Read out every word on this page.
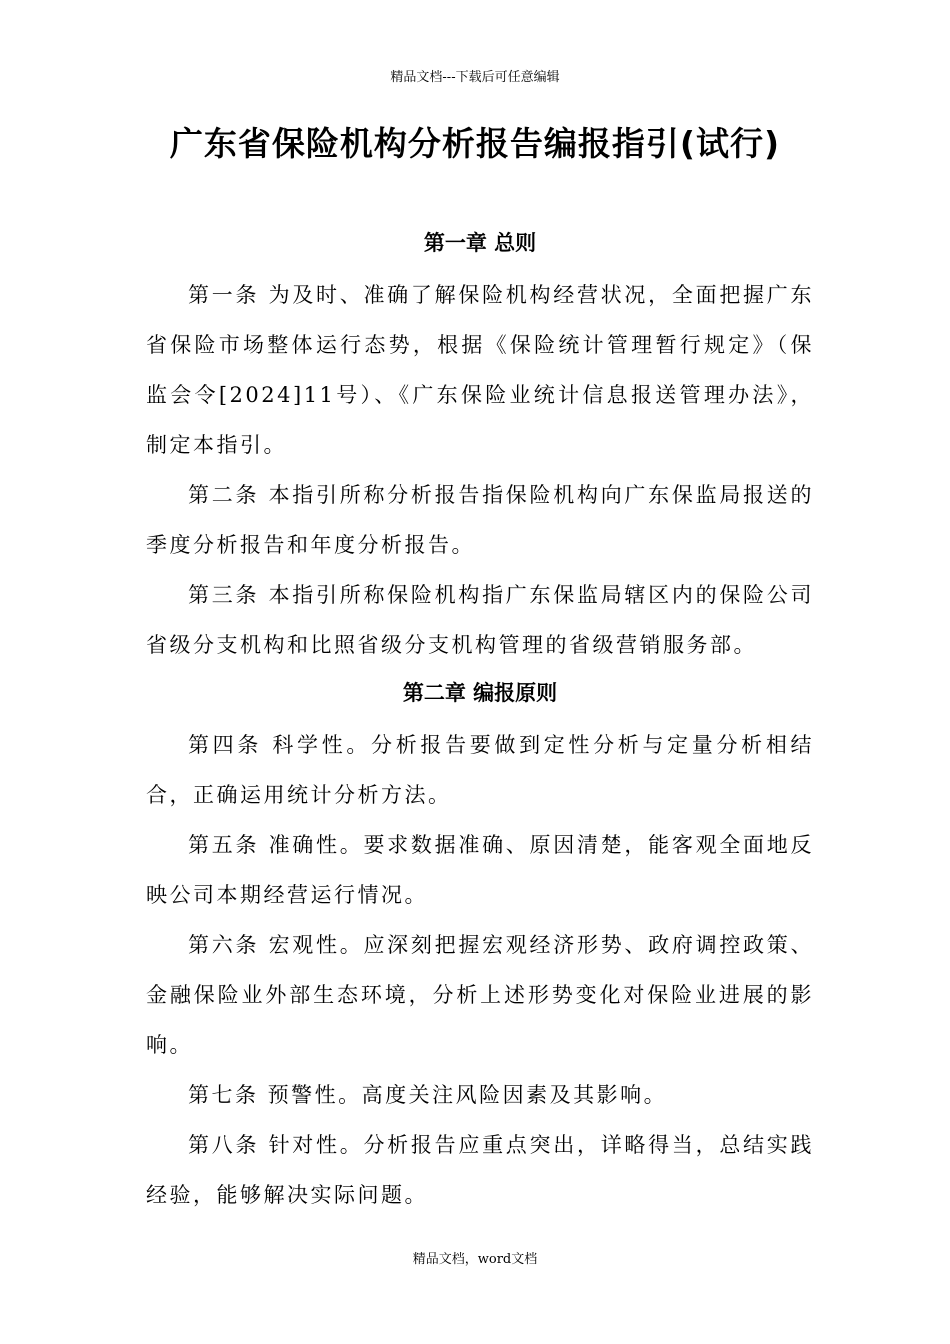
精品文档---下载后可任意编辑
广东省保险机构分析报告编报指引(试行)
第一章 总则

第一条 为及时、准确了解保险机构经营状况，全面把握广东省保险市场整体运行态势，根据《保险统计管理暂行规定》（保监会令[2024]11号）、《广东保险业统计信息报送管理办法》，制定本指引。

第二条 本指引所称分析报告指保险机构向广东保监局报送的季度分析报告和年度分析报告。

第三条 本指引所称保险机构指广东保监局辖区内的保险公司省级分支机构和比照省级分支机构管理的省级营销服务部。

第二章 编报原则

第四条 科学性。分析报告要做到定性分析与定量分析相结合，正确运用统计分析方法。

第五条 准确性。要求数据准确、原因清楚，能客观全面地反映公司本期经营运行情况。

第六条 宏观性。应深刻把握宏观经济形势、政府调控政策、金融保险业外部生态环境，分析上述形势变化对保险业进展的影响。

第七条 预警性。高度关注风险因素及其影响。

第八条 针对性。分析报告应重点突出，详略得当，总结实践经验，能够解决实际问题。

精品文档，word文档
